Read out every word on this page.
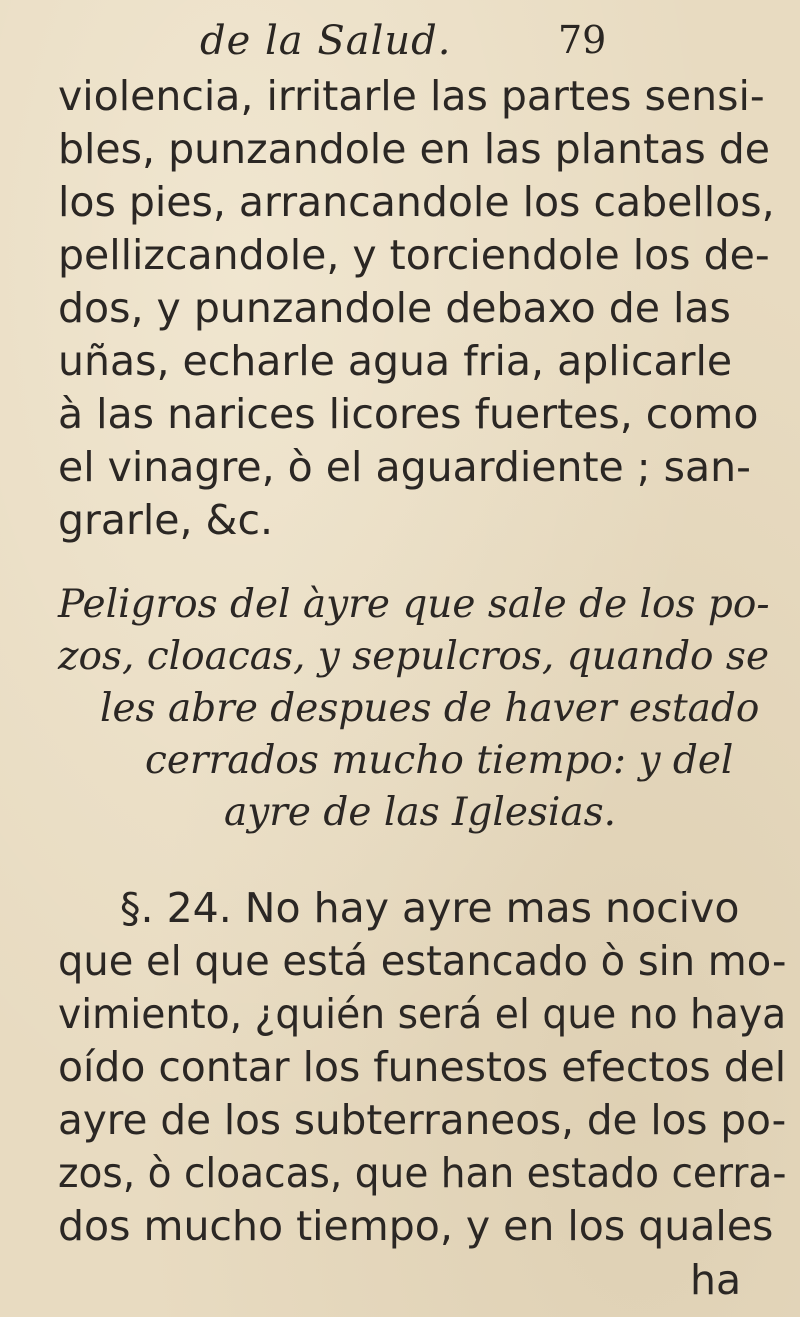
de la Salud.	79
violencia, irritarle las partes sensi-
bles, punzandole en las plantas de
los pies, arrancandole los cabellos,
pellizcandole, y torciendole los de-
dos, y punzandole debaxo de las
uñas, echarle agua fria, aplicarle
à las narices licores fuertes, como
el vinagre, ò el aguardiente ; san-
grarle, &c.
Peligros del àyre que sale de los po-
zos, cloacas, y sepulcros, quando se
les abre despues de haver estado
cerrados mucho tiempo: y del
ayre de las Iglesias.
§. 24. No hay ayre mas nocivo
que el que está estancado ò sin mo-
vimiento, ¿quién será el que no haya
oído contar los funestos efectos del
ayre de los subterraneos, de los po-
zos, ò cloacas, que han estado cerra-
dos mucho tiempo, y en los quales
ha
